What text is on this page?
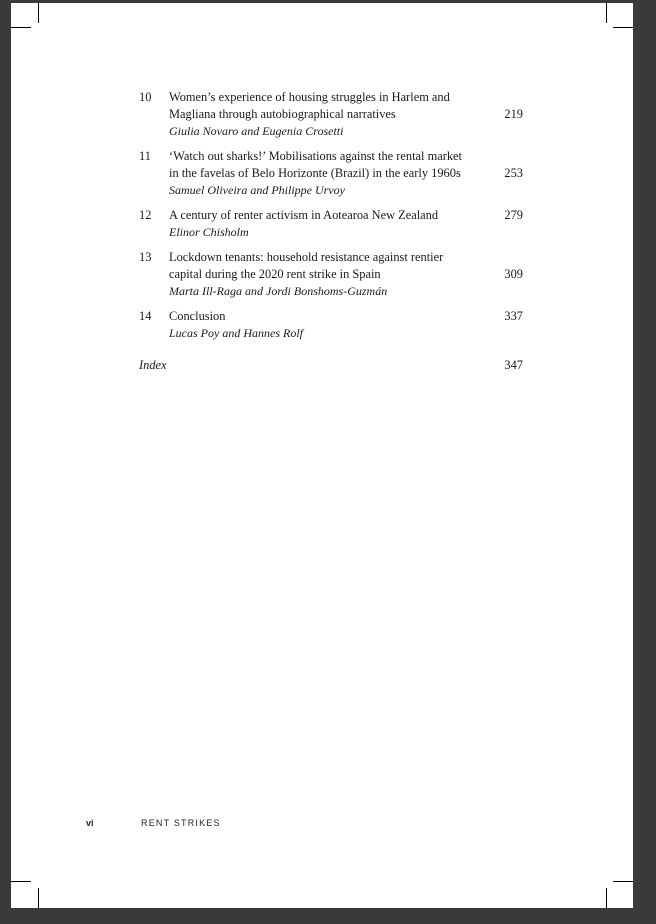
10	Women’s experience of housing struggles in Harlem and
Magliana through autobiographical narratives
Giulia Novaro and Eugenia Crosetti
219
11	‘Watch out sharks!’ Mobilisations against the rental market
in the favelas of Belo Horizonte (Brazil) in the early 1960s
Samuel Oliveira and Philippe Urvoy
253
12	A century of renter activism in Aotearoa New Zealand
Elinor Chisholm
279
13	Lockdown tenants: household resistance against rentier
capital during the 2020 rent strike in Spain
Marta Ill-Raga and Jordi Bonshoms-Guzmán
309
14	Conclusion
Lucas Poy and Hannes Rolf
337
Index	347
vi	RENT STRIKES
